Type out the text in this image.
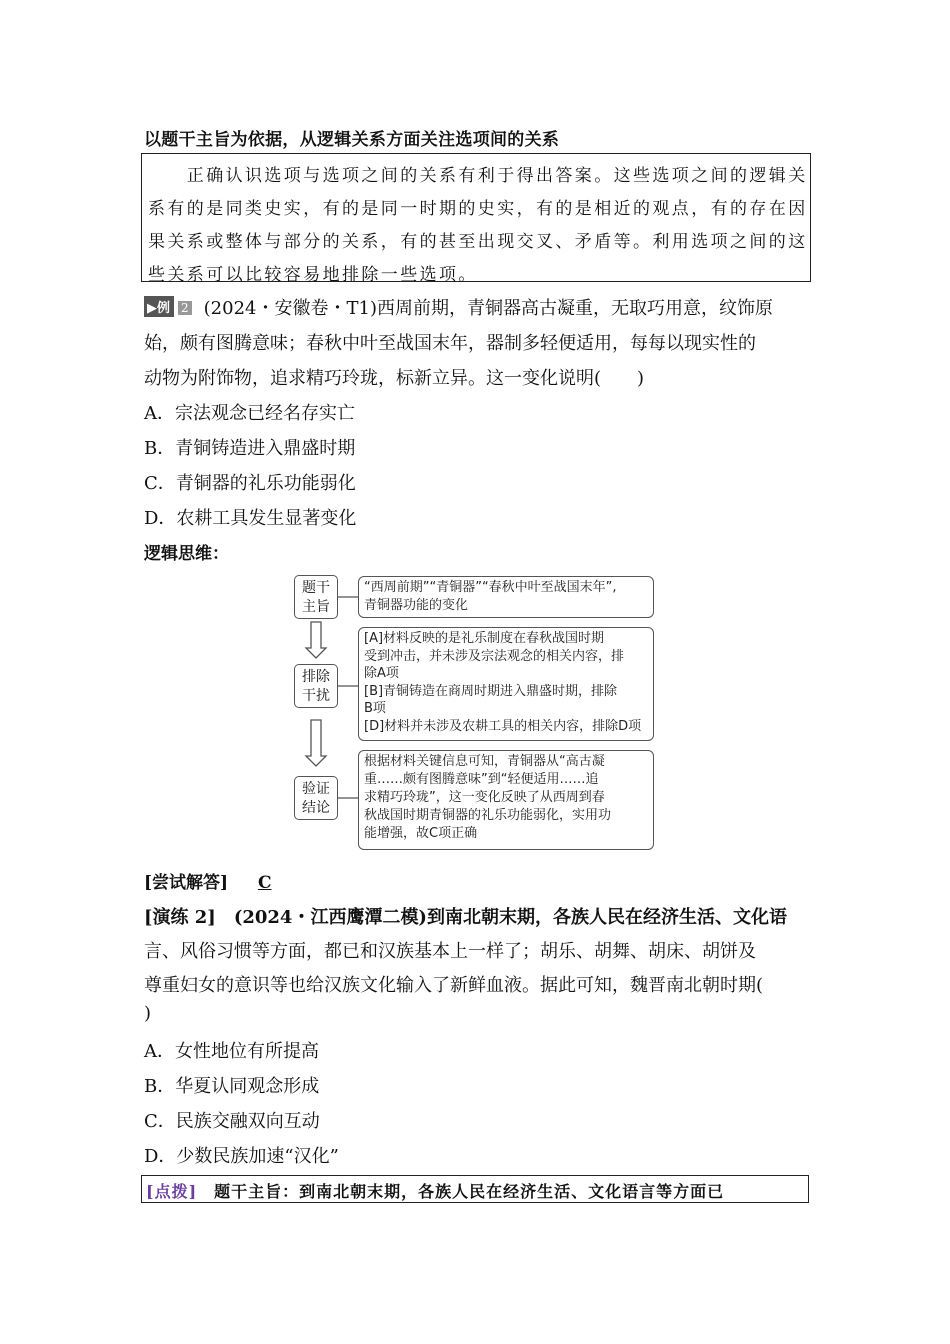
以题干主旨为依据，从逻辑关系方面关注选项间的关系
　　正确认识选项与选项之间的关系有利于得出答案。这些选项之间的逻辑关
系有的是同类史实，有的是同一时期的史实，有的是相近的观点，有的存在因
果关系或整体与部分的关系，有的甚至出现交叉、矛盾等。利用选项之间的这
些关系可以比较容易地排除一些选项。
▶例 2 (2024・安徽卷・T1)西周前期，青铜器高古凝重，无取巧用意，纹饰原
始，颇有图腾意味；春秋中叶至战国末年，器制多轻便适用，每每以现实性的
动物为附饰物，追求精巧玲珑，标新立异。这一变化说明(　　)
A．宗法观念已经名存实亡
B．青铜铸造进入鼎盛时期
C．青铜器的礼乐功能弱化
D．农耕工具发生显著变化
逻辑思维：
题干
主旨
“西周前期”“青铜器”“春秋中叶至战国末年”,
青铜器功能的变化
排除
干扰
[A]材料反映的是礼乐制度在春秋战国时期
受到冲击，并未涉及宗法观念的相关内容，排
除A项
[B]青铜铸造在商周时期进入鼎盛时期，排除
B项
[D]材料并未涉及农耕工具的相关内容，排除D项
验证
结论
根据材料关键信息可知，青铜器从“高古凝
重……颇有图腾意味”到“轻便适用……追
求精巧玲珑”，这一变化反映了从西周到春
秋战国时期青铜器的礼乐功能弱化，实用功
能增强，故C项正确
[尝试解答] C
[演练 2]　(2024・江西鹰潭二模)到南北朝末期，各族人民在经济生活、文化语
言、风俗习惯等方面，都已和汉族基本上一样了；胡乐、胡舞、胡床、胡饼及
尊重妇女的意识等也给汉族文化输入了新鲜血液。据此可知，魏晋南北朝时期(
)
A．女性地位有所提高
B．华夏认同观念形成
C．民族交融双向互动
D．少数民族加速“汉化”
[点拨]　题干主旨：到南北朝末期，各族人民在经济生活、文化语言等方面已
